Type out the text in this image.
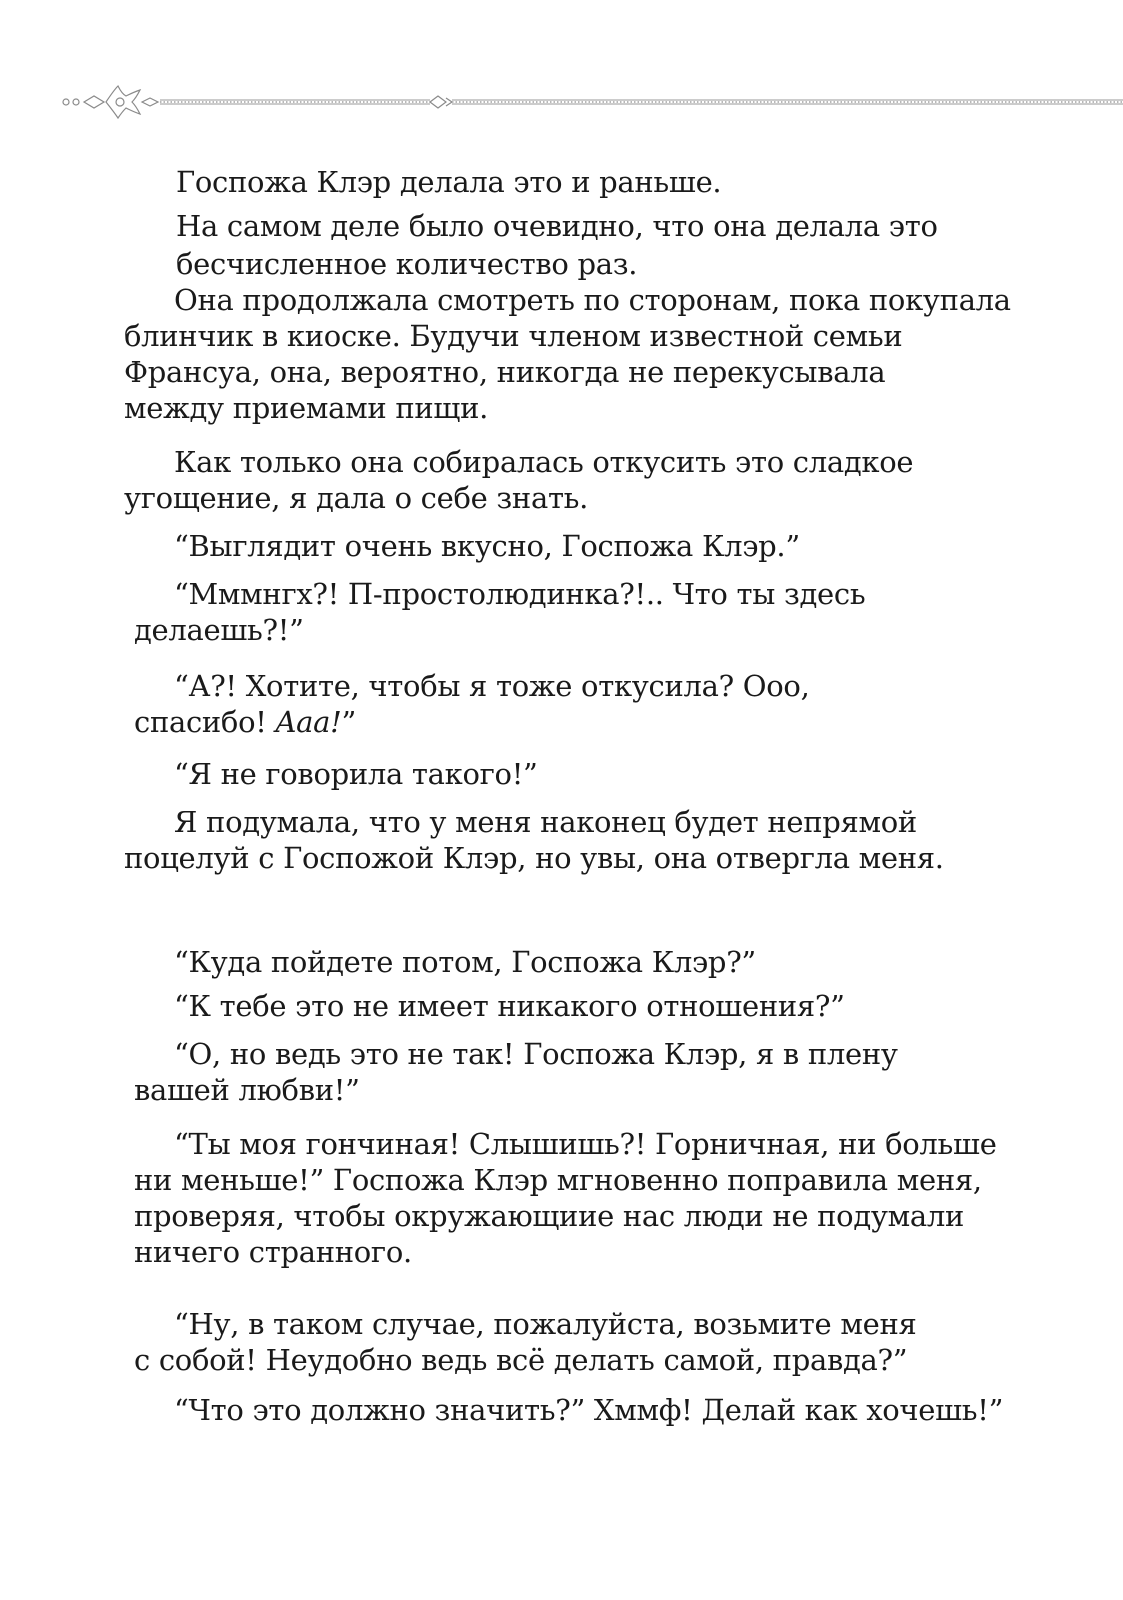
Госпожа Клэр делала это и раньше.
На самом деле было очевидно, что она делала это
бесчисленное количество раз.
Она продолжала смотреть по сторонам, пока покупала
блинчик в киоске. Будучи членом известной семьи
Франсуа, она, вероятно, никогда не перекусывала
между приемами пищи.
Как только она собиралась откусить это сладкое
угощение, я дала о себе знать.
“Выглядит очень вкусно, Госпожа Клэр.”
“Мммнгх?! П-простолюдинка?!.. Что ты здесь
делаешь?!”
“А?! Хотите, чтобы я тоже откусила? Ооо,
спасибо! Aaa!”
“Я не говорила такого!”
Я подумала, что у меня наконец будет непрямой
поцелуй с Госпожой Клэр, но увы, она отвергла меня.
“Куда пойдете потом, Госпожа Клэр?”
“К тебе это не имеет никакого отношения?”
“О, но ведь это не так! Госпожа Клэр, я в плену
вашей любви!”
“Ты моя гончиная! Слышишь?! Горничная, ни больше
ни меньше!” Госпожа Клэр мгновенно поправила меня,
проверяя, чтобы окружающиие нас люди не подумали
ничего странного.
“Ну, в таком случае, пожалуйста, возьмите меня
с собой! Неудобно ведь всё делать самой, правда?”
“Что это должно значить?” Хммф! Делай как хочешь!”
